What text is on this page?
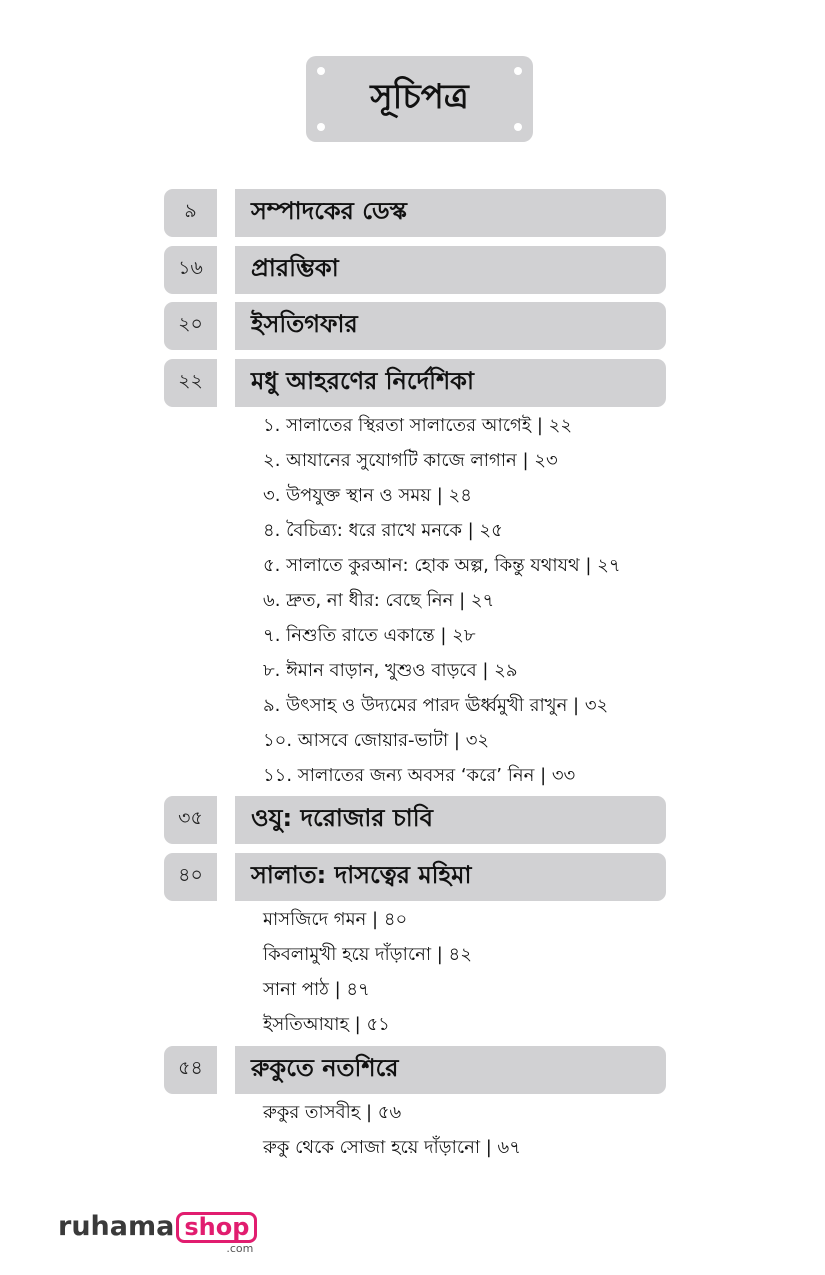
সূচিপত্র
৯	সম্পাদকের ডেস্ক
১৬	প্রারম্ভিকা
২০	ইসতিগফার
২২	মধু আহরণের নির্দেশিকা
১. সালাতের স্থিরতা সালাতের আগেই | ২২
২. আযানের সুযোগটি কাজে লাগান | ২৩
৩. উপযুক্ত স্থান ও সময় | ২৪
৪. বৈচিত্র্য: ধরে রাখে মনকে | ২৫
৫. সালাতে কুরআন: হোক অল্প, কিন্তু যথাযথ | ২৭
৬. দ্রুত, না ধীর: বেছে নিন | ২৭
৭. নিশুতি রাতে একান্তে | ২৮
৮. ঈমান বাড়ান, খুশুও বাড়বে | ২৯
৯. উৎসাহ ও উদ্যমের পারদ ঊর্ধ্বমুখী রাখুন | ৩২
১০. আসবে জোয়ার-ভাটা | ৩২
১১. সালাতের জন্য অবসর ‘করে’ নিন | ৩৩
৩৫	ওযু: দরোজার চাবি
৪০	সালাত: দাসত্বের মহিমা
মাসজিদে গমন | ৪০
কিবলামুখী হয়ে দাঁড়ানো | ৪২
সানা পাঠ | ৪৭
ইসতিআযাহ | ৫১
৫৪	রুকুতে নতশিরে
রুকুর তাসবীহ | ৫৬
রুকু থেকে সোজা হয়ে দাঁড়ানো | ৬৭
ruhama shop
.com
